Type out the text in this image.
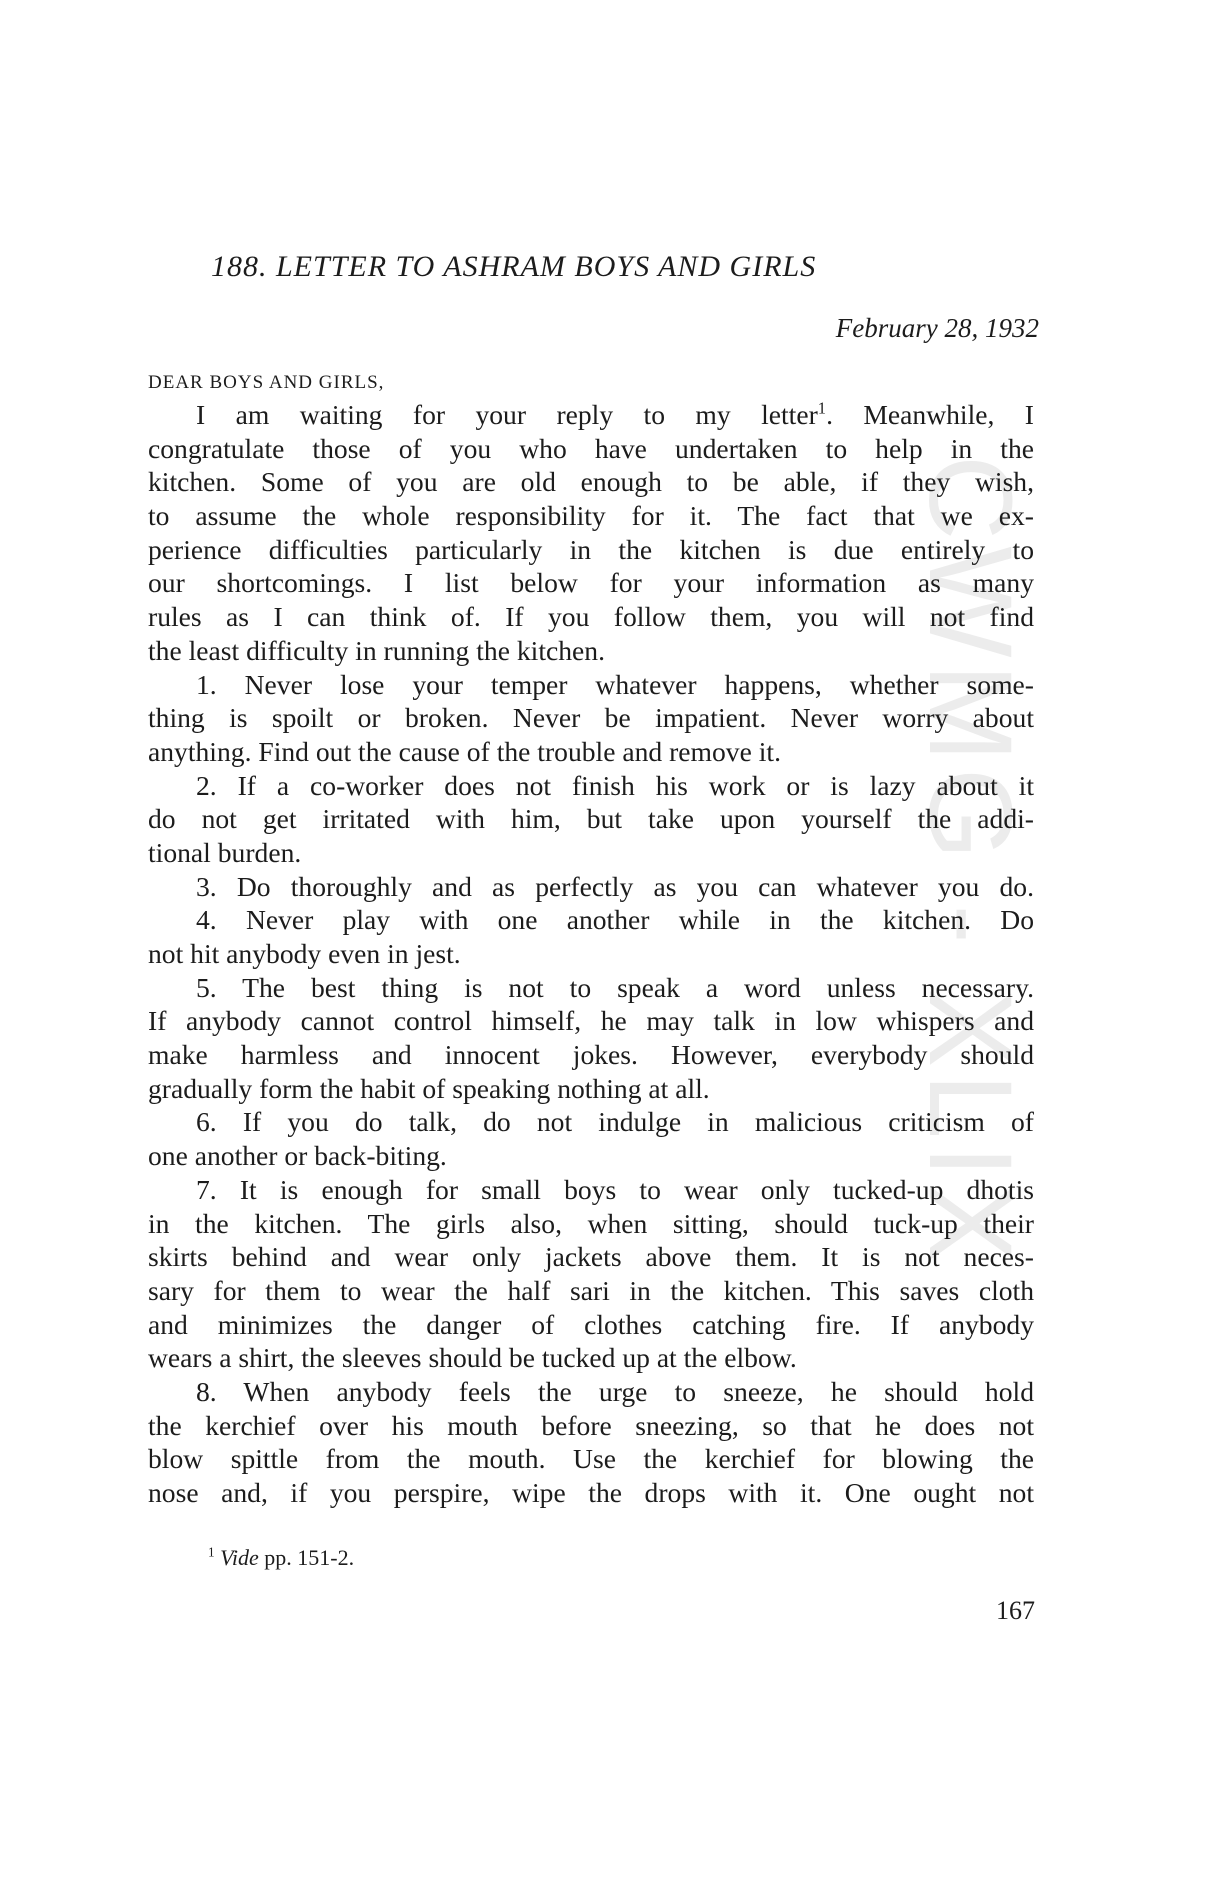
CWMG - XLIX
188. LETTER TO ASHRAM BOYS AND GIRLS
February 28, 1932
DEAR BOYS AND GIRLS,
I am waiting for your reply to my letter$^1$. Meanwhile, I
congratulate those of you who have undertaken to help in the
kitchen. Some of you are old enough to be able, if they wish,
to assume the whole responsibility for it. The fact that we ex-
perience difficulties particularly in the kitchen is due entirely to
our shortcomings. I list below for your information as many
rules as I can think of. If you follow them, you will not find
the least difficulty in running the kitchen.
1. Never lose your temper whatever happens, whether some-
thing is spoilt or broken. Never be impatient. Never worry about
anything. Find out the cause of the trouble and remove it.
2. If a co-worker does not finish his work or is lazy about it
do not get irritated with him, but take upon yourself the addi-
tional burden.
3. Do thoroughly and as perfectly as you can whatever you do.
4. Never play with one another while in the kitchen. Do
not hit anybody even in jest.
5. The best thing is not to speak a word unless necessary.
If anybody cannot control himself, he may talk in low whispers and
make harmless and innocent jokes. However, everybody should
gradually form the habit of speaking nothing at all.
6. If you do talk, do not indulge in malicious criticism of
one another or back-biting.
7. It is enough for small boys to wear only tucked-up dhotis
in the kitchen. The girls also, when sitting, should tuck-up their
skirts behind and wear only jackets above them. It is not neces-
sary for them to wear the half sari in the kitchen. This saves cloth
and minimizes the danger of clothes catching fire. If anybody
wears a shirt, the sleeves should be tucked up at the elbow.
8. When anybody feels the urge to sneeze, he should hold
the kerchief over his mouth before sneezing, so that he does not
blow spittle from the mouth. Use the kerchief for blowing the
nose and, if you perspire, wipe the drops with it. One ought not
$^1$ Vide pp. 151-2.
167
